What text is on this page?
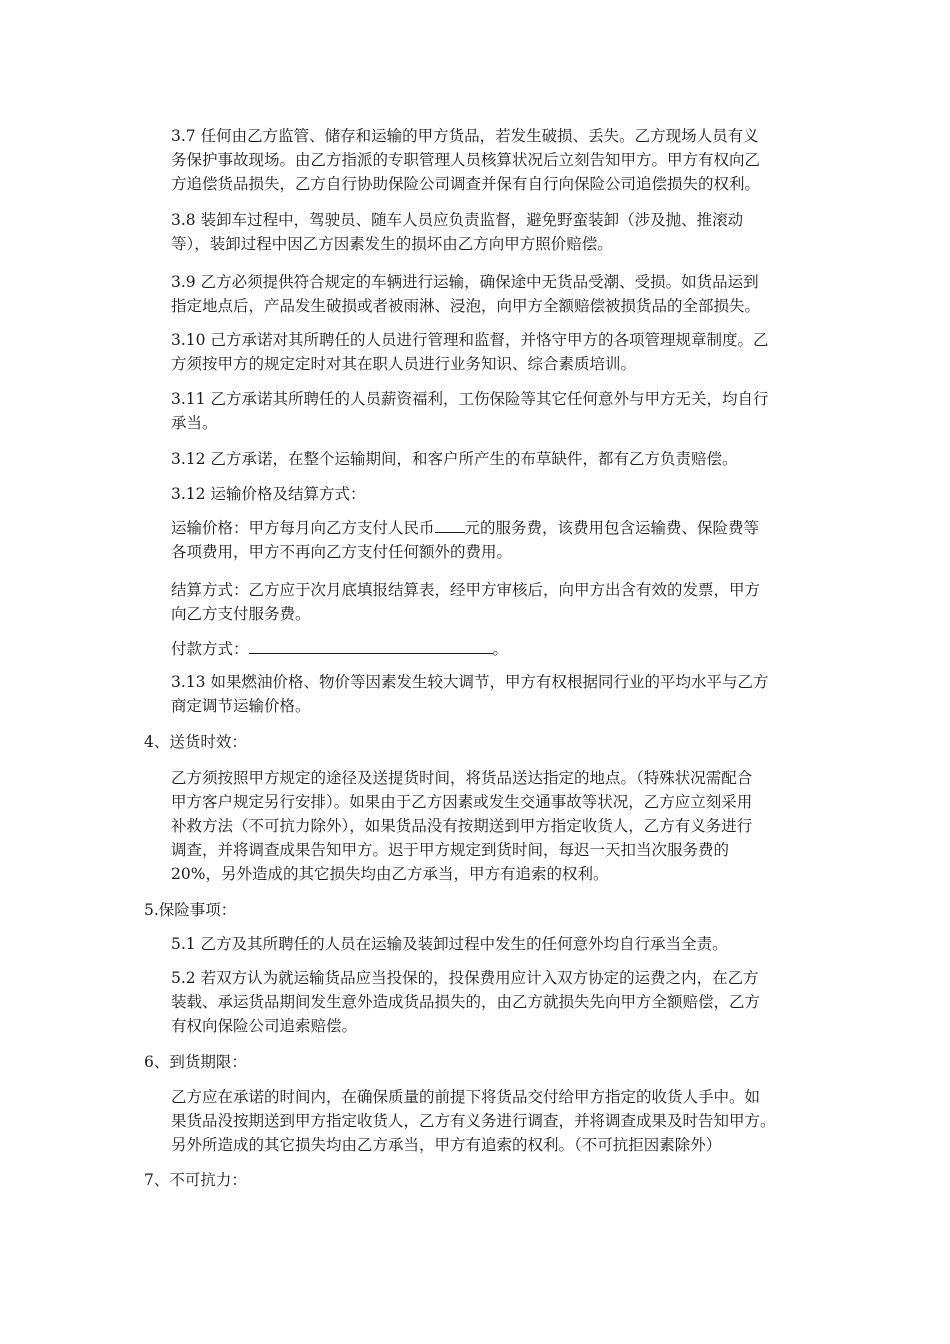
3.7 任何由乙方监管、储存和运输的甲方货品，若发生破损、丢失。乙方现场人员有义
务保护事故现场。由乙方指派的专职管理人员核算状况后立刻告知甲方。甲方有权向乙
方追偿货品损失，乙方自行协助保险公司调查并保有自行向保险公司追偿损失的权利。
3.8 装卸车过程中，驾驶员、随车人员应负责监督，避免野蛮装卸（涉及抛、推滚动
等），装卸过程中因乙方因素发生的损坏由乙方向甲方照价赔偿。
3.9 乙方必须提供符合规定的车辆进行运输，确保途中无货品受潮、受损。如货品运到
指定地点后，产品发生破损或者被雨淋、浸泡，向甲方全额赔偿被损货品的全部损失。
3.10 己方承诺对其所聘任的人员进行管理和监督，并恪守甲方的各项管理规章制度。乙
方须按甲方的规定定时对其在职人员进行业务知识、综合素质培训。
3.11 乙方承诺其所聘任的人员薪资福利，工伤保险等其它任何意外与甲方无关，均自行
承当。
3.12 乙方承诺，在整个运输期间，和客户所产生的布草缺件，都有乙方负责赔偿。
3.12 运输价格及结算方式：
运输价格：甲方每月向乙方支付人民币 元的服务费，该费用包含运输费、保险费等
各项费用，甲方不再向乙方支付任何额外的费用。
结算方式：乙方应于次月底填报结算表，经甲方审核后，向甲方出含有效的发票，甲方
向乙方支付服务费。
付款方式：	。
3.13 如果燃油价格、物价等因素发生较大调节，甲方有权根据同行业的平均水平与乙方
商定调节运输价格。
4、送货时效：
乙方须按照甲方规定的途径及送提货时间，将货品送达指定的地点。（特殊状况需配合
甲方客户规定另行安排）。如果由于乙方因素或发生交通事故等状况，乙方应立刻采用
补救方法（不可抗力除外），如果货品没有按期送到甲方指定收货人，乙方有义务进行
调查，并将调查成果告知甲方。迟于甲方规定到货时间，每迟一天扣当次服务费的
20%，另外造成的其它损失均由乙方承当，甲方有追索的权利。
5.保险事项：
5.1 乙方及其所聘任的人员在运输及装卸过程中发生的任何意外均自行承当全责。
5.2 若双方认为就运输货品应当投保的，投保费用应计入双方协定的运费之内，在乙方
装载、承运货品期间发生意外造成货品损失的，由乙方就损失先向甲方全额赔偿，乙方
有权向保险公司追索赔偿。
6、到货期限：
乙方应在承诺的时间内，在确保质量的前提下将货品交付给甲方指定的收货人手中。如
果货品没按期送到甲方指定收货人，乙方有义务进行调查，并将调查成果及时告知甲方。
另外所造成的其它损失均由乙方承当，甲方有追索的权利。（不可抗拒因素除外）
7、不可抗力：
